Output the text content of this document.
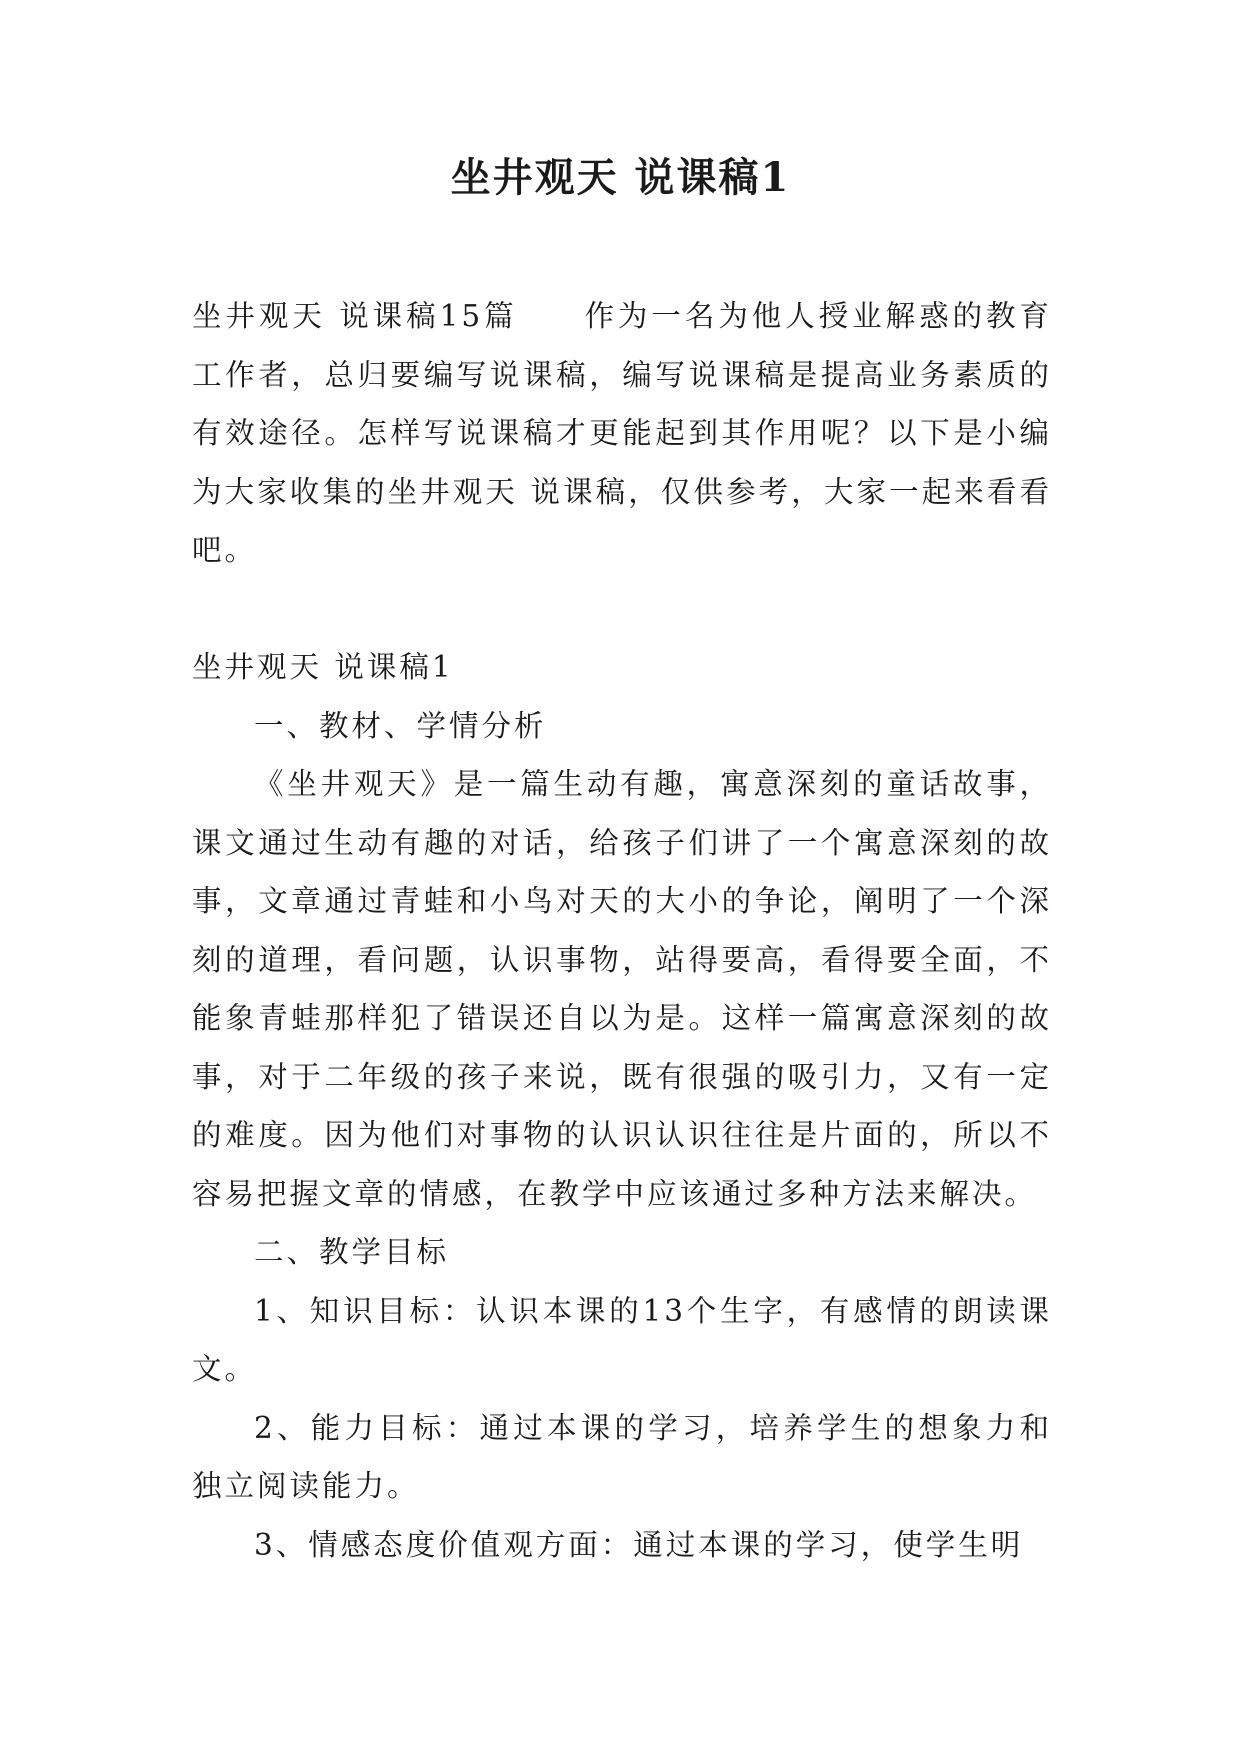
坐井观天 说课稿1

坐井观天 说课稿15篇　　作为一名为他人授业解惑的教育工作者，总归要编写说课稿，编写说课稿是提高业务素质的有效途径。怎样写说课稿才更能起到其作用呢？以下是小编为大家收集的坐井观天 说课稿，仅供参考，大家一起来看看吧。

坐井观天 说课稿1

一、教材、学情分析

《坐井观天》是一篇生动有趣，寓意深刻的童话故事，课文通过生动有趣的对话，给孩子们讲了一个寓意深刻的故事，文章通过青蛙和小鸟对天的大小的争论，阐明了一个深刻的道理，看问题，认识事物，站得要高，看得要全面，不能象青蛙那样犯了错误还自以为是。这样一篇寓意深刻的故事，对于二年级的孩子来说，既有很强的吸引力，又有一定的难度。因为他们对事物的认识认识往往是片面的，所以不容易把握文章的情感，在教学中应该通过多种方法来解决。

二、教学目标

1、知识目标：认识本课的13个生字，有感情的朗读课文。

2、能力目标：通过本课的学习，培养学生的想象力和独立阅读能力。

3、情感态度价值观方面：通过本课的学习，使学生明
